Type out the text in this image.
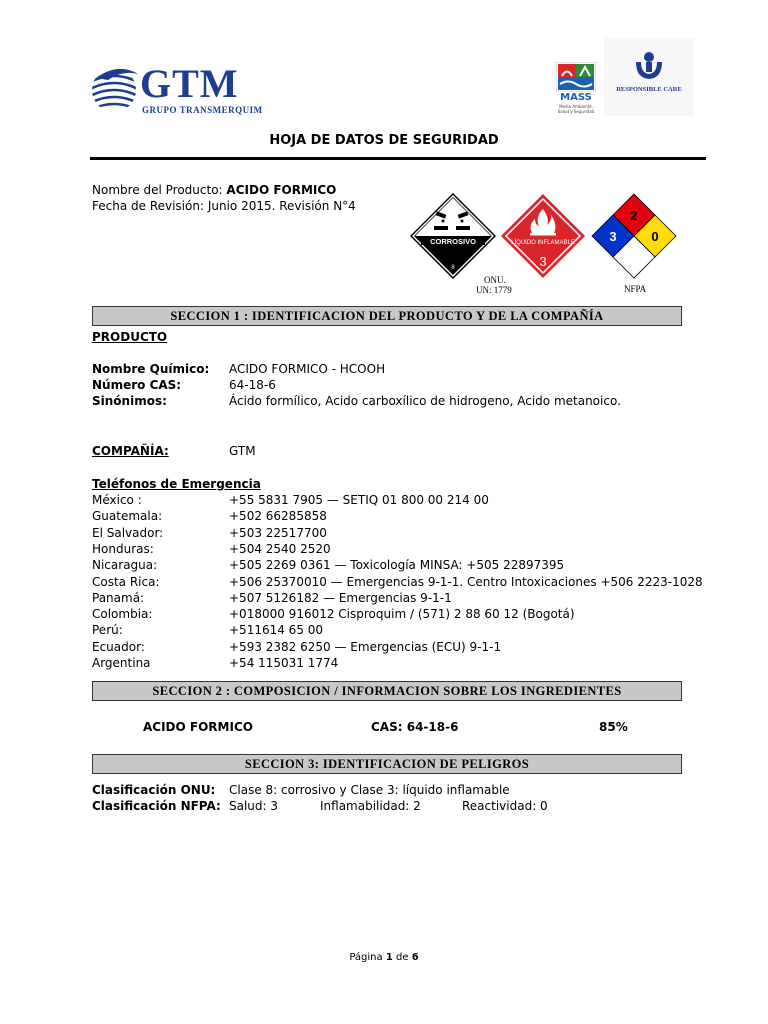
GTM
GRUPO TRANSMERQUIM
MASS
Medio Ambiente, Salud y Seguridad
RESPONSIBLE CARE
HOJA DE DATOS DE SEGURIDAD
Nombre del Producto: ACIDO FORMICO
Fecha de Revisión: Junio 2015. Revisión N°4
CORROSIVO
8
LÍQUIDO INFLAMABLE
3
2
3	0
ONU.
UN: 1779	NFPA
SECCION 1 : IDENTIFICACION DEL PRODUCTO Y DE LA COMPAÑÍA
PRODUCTO
Nombre Químico: ACIDO FORMICO - HCOOH
Número CAS:	64-18-6
Sinónimos:	Ácido formílico, Acido carboxílico de hidrogeno, Acido metanoico.
COMPAÑÍA:	GTM
Teléfonos de Emergencia
México :	+55 5831 7905 — SETIQ 01 800 00 214 00
Guatemala:	+502 66285858
El Salvador:	+503 22517700
Honduras:	+504 2540 2520
Nicaragua:	+505 2269 0361 — Toxicología MINSA: +505 22897395
Costa Rica:	+506 25370010 — Emergencias 9-1-1. Centro Intoxicaciones +506 2223-1028
Panamá:	+507 5126182 — Emergencias 9-1-1
Colombia:	+018000 916012 Cisproquim / (571) 2 88 60 12 (Bogotá)
Perú:	+511614 65 00
Ecuador:	+593 2382 6250 — Emergencias (ECU) 9-1-1
Argentina	+54 115031 1774
SECCION 2 : COMPOSICION / INFORMACION SOBRE LOS INGREDIENTES
ACIDO FORMICO	CAS: 64-18-6	85%
SECCION 3: IDENTIFICACION DE PELIGROS
Clasificación ONU: Clase 8: corrosivo y Clase 3: líquido inflamable
Clasificación NFPA: Salud: 3	Inflamabilidad: 2	Reactividad: 0
Página 1 de 6
